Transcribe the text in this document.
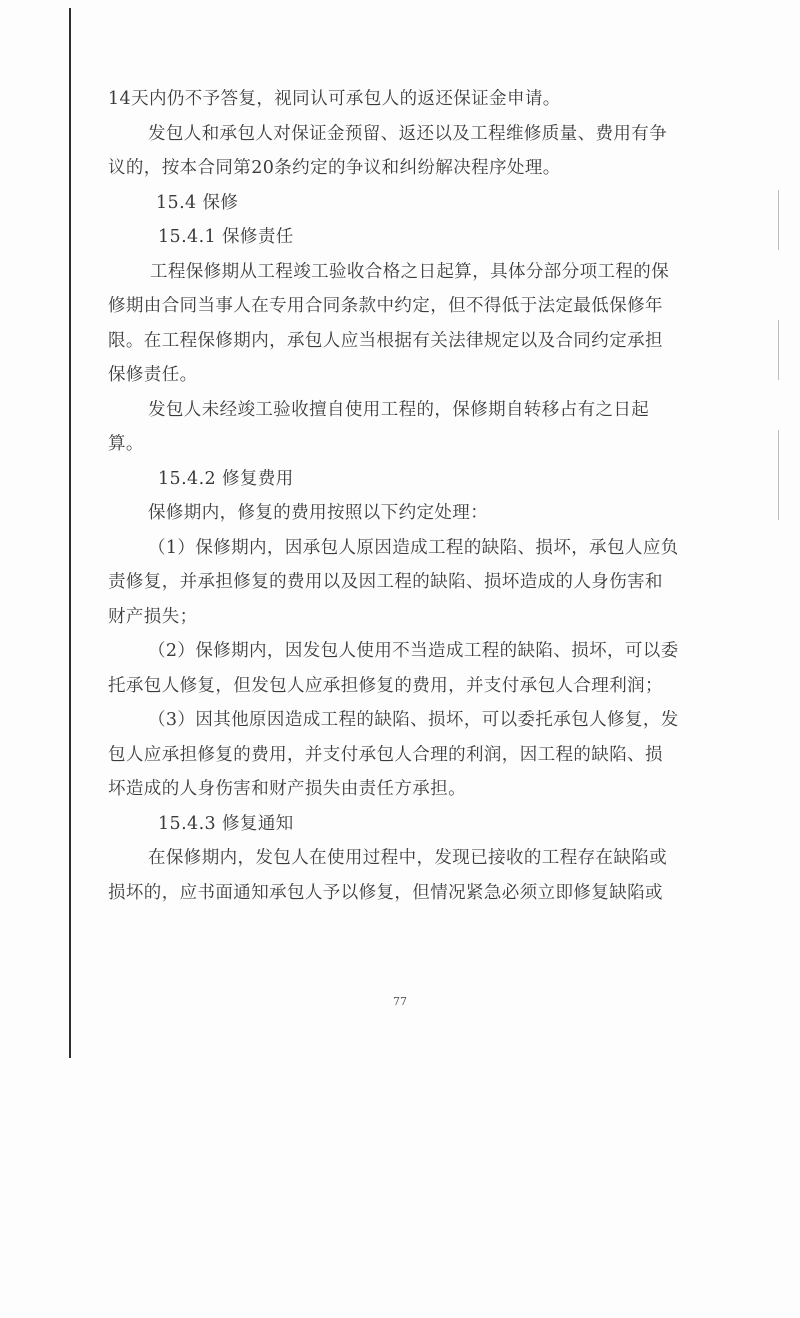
14天内仍不予答复，视同认可承包人的返还保证金申请。
发包人和承包人对保证金预留、返还以及工程维修质量、费用有争
议的，按本合同第20条约定的争议和纠纷解决程序处理。
15.4 保修
15.4.1 保修责任
工程保修期从工程竣工验收合格之日起算，具体分部分项工程的保
修期由合同当事人在专用合同条款中约定，但不得低于法定最低保修年
限。在工程保修期内，承包人应当根据有关法律规定以及合同约定承担
保修责任。
发包人未经竣工验收擅自使用工程的，保修期自转移占有之日起
算。
15.4.2 修复费用
保修期内，修复的费用按照以下约定处理：
（1）保修期内，因承包人原因造成工程的缺陷、损坏，承包人应负
责修复，并承担修复的费用以及因工程的缺陷、损坏造成的人身伤害和
财产损失；
（2）保修期内，因发包人使用不当造成工程的缺陷、损坏，可以委
托承包人修复，但发包人应承担修复的费用，并支付承包人合理利润；
（3）因其他原因造成工程的缺陷、损坏，可以委托承包人修复，发
包人应承担修复的费用，并支付承包人合理的利润，因工程的缺陷、损
坏造成的人身伤害和财产损失由责任方承担。
15.4.3 修复通知
在保修期内，发包人在使用过程中，发现已接收的工程存在缺陷或
损坏的，应书面通知承包人予以修复，但情况紧急必须立即修复缺陷或
77
